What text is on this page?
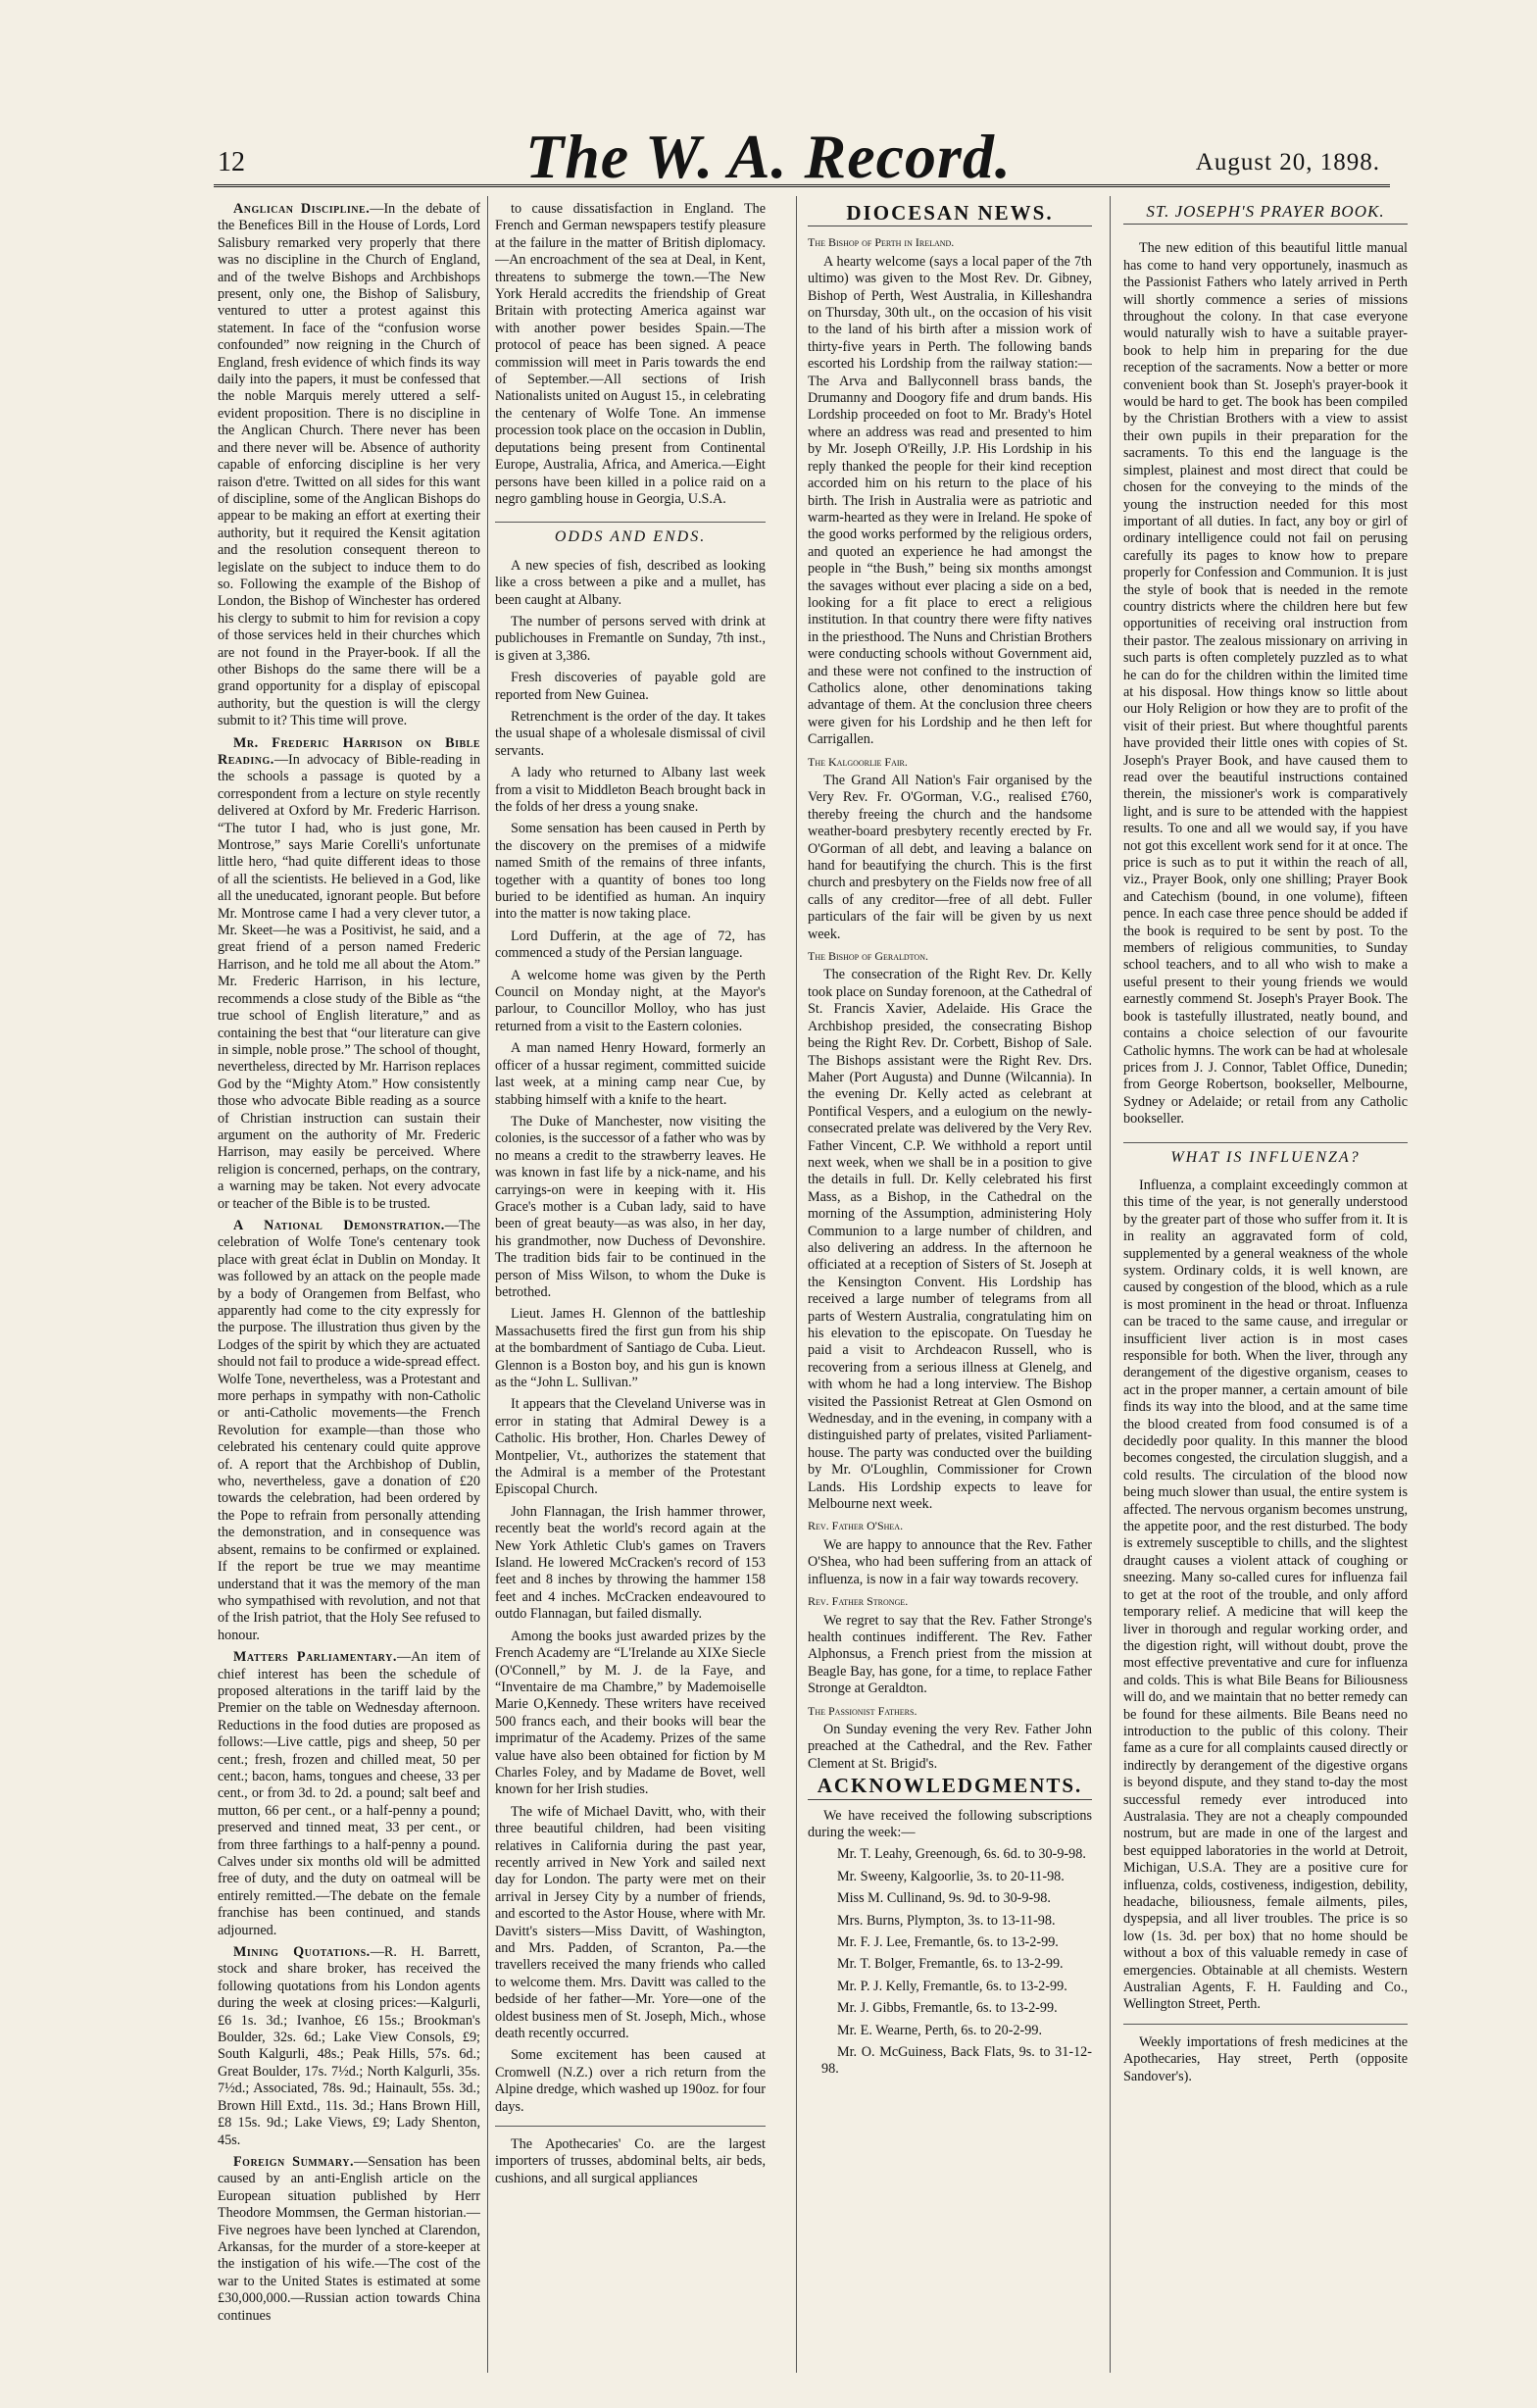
12	The W. A. Record.	August 20, 1898.

Anglican Discipline.—In the debate of the Benefices Bill in the House of Lords, Lord Salisbury remarked very properly that there was no discipline in the Church of England, and of the twelve Bishops and Archbishops present, only one, the Bishop of Salisbury, ventured to utter a protest against this statement. In face of the “confusion worse confounded” now reigning in the Church of England, fresh evidence of which finds its way daily into the papers, it must be confessed that the noble Marquis merely uttered a self-evident proposition. There is no discipline in the Anglican Church. There never has been and there never will be. Absence of authority capable of enforcing discipline is her very raison d'etre. Twitted on all sides for this want of discipline, some of the Anglican Bishops do appear to be making an effort at exerting their authority, but it required the Kensit agitation and the resolution consequent thereon to legislate on the subject to induce them to do so. Following the example of the Bishop of London, the Bishop of Winchester has ordered his clergy to submit to him for revision a copy of those services held in their churches which are not found in the Prayer-book. If all the other Bishops do the same there will be a grand opportunity for a display of episcopal authority, but the question is will the clergy submit to it? This time will prove.

Mr. Frederic Harrison on Bible Reading.—In advocacy of Bible-reading in the schools a passage is quoted by a correspondent from a lecture on style recently delivered at Oxford by Mr. Frederic Harrison. “The tutor I had, who is just gone, Mr. Montrose,” says Marie Corelli's unfortunate little hero, “had quite different ideas to those of all the scientists. He believed in a God, like all the uneducated, ignorant people. But before Mr. Montrose came I had a very clever tutor, a Mr. Skeet—he was a Positivist, he said, and a great friend of a person named Frederic Harrison, and he told me all about the Atom.” Mr. Frederic Harrison, in his lecture, recommends a close study of the Bible as “the true school of English literature,” and as containing the best that “our literature can give in simple, noble prose.” The school of thought, nevertheless, directed by Mr. Harrison replaces God by the “Mighty Atom.” How consistently those who advocate Bible reading as a source of Christian instruction can sustain their argument on the authority of Mr. Frederic Harrison, may easily be perceived. Where religion is concerned, perhaps, on the contrary, a warning may be taken. Not every advocate or teacher of the Bible is to be trusted.

A National Demonstration.—The celebration of Wolfe Tone's centenary took place with great éclat in Dublin on Monday. It was followed by an attack on the people made by a body of Orangemen from Belfast, who apparently had come to the city expressly for the purpose. The illustration thus given by the Lodges of the spirit by which they are actuated should not fail to produce a wide-spread effect. Wolfe Tone, nevertheless, was a Protestant and more perhaps in sympathy with non-Catholic or anti-Catholic movements—the French Revolution for example—than those who celebrated his centenary could quite approve of. A report that the Archbishop of Dublin, who, nevertheless, gave a donation of £20 towards the celebration, had been ordered by the Pope to refrain from personally attending the demonstration, and in consequence was absent, remains to be confirmed or explained. If the report be true we may meantime understand that it was the memory of the man who sympathised with revolution, and not that of the Irish patriot, that the Holy See refused to honour.

Matters Parliamentary.—An item of chief interest has been the schedule of proposed alterations in the tariff laid by the Premier on the table on Wednesday afternoon. Reductions in the food duties are proposed as follows:—Live cattle, pigs and sheep, 50 per cent.; fresh, frozen and chilled meat, 50 per cent.; bacon, hams, tongues and cheese, 33 per cent., or from 3d. to 2d. a pound; salt beef and mutton, 66 per cent., or a half-penny a pound; preserved and tinned meat, 33 per cent., or from three farthings to a half-penny a pound. Calves under six months old will be admitted free of duty, and the duty on oatmeal will be entirely remitted.—The debate on the female franchise has been continued, and stands adjourned.

Mining Quotations.—R. H. Barrett, stock and share broker, has received the following quotations from his London agents during the week at closing prices:—Kalgurli, £6 1s. 3d.; Ivanhoe, £6 15s.; Brookman's Boulder, 32s. 6d.; Lake View Consols, £9; South Kalgurli, 48s.; Peak Hills, 57s. 6d.; Great Boulder, 17s. 7½d.; North Kalgurli, 35s. 7½d.; Associated, 78s. 9d.; Hainault, 55s. 3d.; Brown Hill Extd., 11s. 3d.; Hans Brown Hill, £8 15s. 9d.; Lake Views, £9; Lady Shenton, 45s.

Foreign Summary.—Sensation has been caused by an anti-English article on the European situation published by Herr Theodore Mommsen, the German historian.—Five negroes have been lynched at Clarendon, Arkansas, for the murder of a store-keeper at the instigation of his wife.—The cost of the war to the United States is estimated at some £30,000,000.—Russian action towards China continues

to cause dissatisfaction in England. The French and German newspapers testify pleasure at the failure in the matter of British diplomacy.—An encroachment of the sea at Deal, in Kent, threatens to submerge the town.—The New York Herald accredits the friendship of Great Britain with protecting America against war with another power besides Spain.—The protocol of peace has been signed. A peace commission will meet in Paris towards the end of September.—All sections of Irish Nationalists united on August 15., in celebrating the centenary of Wolfe Tone. An immense procession took place on the occasion in Dublin, deputations being present from Continental Europe, Australia, Africa, and America.—Eight persons have been killed in a police raid on a negro gambling house in Georgia, U.S.A.

ODDS AND ENDS.

A new species of fish, described as looking like a cross between a pike and a mullet, has been caught at Albany.

The number of persons served with drink at publichouses in Fremantle on Sunday, 7th inst., is given at 3,386.

Fresh discoveries of payable gold are reported from New Guinea.

Retrenchment is the order of the day. It takes the usual shape of a wholesale dismissal of civil servants.

A lady who returned to Albany last week from a visit to Middleton Beach brought back in the folds of her dress a young snake.

Some sensation has been caused in Perth by the discovery on the premises of a midwife named Smith of the remains of three infants, together with a quantity of bones too long buried to be identified as human. An inquiry into the matter is now taking place.

Lord Dufferin, at the age of 72, has commenced a study of the Persian language.

A welcome home was given by the Perth Council on Monday night, at the Mayor's parlour, to Councillor Molloy, who has just returned from a visit to the Eastern colonies.

A man named Henry Howard, formerly an officer of a hussar regiment, committed suicide last week, at a mining camp near Cue, by stabbing himself with a knife to the heart.

The Duke of Manchester, now visiting the colonies, is the successor of a father who was by no means a credit to the strawberry leaves. He was known in fast life by a nick-name, and his carryings-on were in keeping with it. His Grace's mother is a Cuban lady, said to have been of great beauty—as was also, in her day, his grandmother, now Duchess of Devonshire. The tradition bids fair to be continued in the person of Miss Wilson, to whom the Duke is betrothed.

Lieut. James H. Glennon of the battleship Massachusetts fired the first gun from his ship at the bombardment of Santiago de Cuba. Lieut. Glennon is a Boston boy, and his gun is known as the “John L. Sullivan.”

It appears that the Cleveland Universe was in error in stating that Admiral Dewey is a Catholic. His brother, Hon. Charles Dewey of Montpelier, Vt., authorizes the statement that the Admiral is a member of the Protestant Episcopal Church.

John Flannagan, the Irish hammer thrower, recently beat the world's record again at the New York Athletic Club's games on Travers Island. He lowered McCracken's record of 153 feet and 8 inches by throwing the hammer 158 feet and 4 inches. McCracken endeavoured to outdo Flannagan, but failed dismally.

Among the books just awarded prizes by the French Academy are “L'Irelande au XIXe Siecle (O'Connell,” by M. J. de la Faye, and “Inventaire de ma Chambre,” by Mademoiselle Marie O,Kennedy. These writers have received 500 francs each, and their books will bear the imprimatur of the Academy. Prizes of the same value have also been obtained for fiction by M Charles Foley, and by Madame de Bovet, well known for her Irish studies.

The wife of Michael Davitt, who, with their three beautiful children, had been visiting relatives in California during the past year, recently arrived in New York and sailed next day for London. The party were met on their arrival in Jersey City by a number of friends, and escorted to the Astor House, where with Mr. Davitt's sisters—Miss Davitt, of Washington, and Mrs. Padden, of Scranton, Pa.—the travellers received the many friends who called to welcome them. Mrs. Davitt was called to the bedside of her father—Mr. Yore—one of the oldest business men of St. Joseph, Mich., whose death recently occurred.

Some excitement has been caused at Cromwell (N.Z.) over a rich return from the Alpine dredge, which washed up 190oz. for four days.

The Apothecaries' Co. are the largest importers of trusses, abdominal belts, air beds, cushions, and all surgical appliances

DIOCESAN NEWS.
The Bishop of Perth in Ireland.

A hearty welcome (says a local paper of the 7th ultimo) was given to the Most Rev. Dr. Gibney, Bishop of Perth, West Australia, in Killeshandra on Thursday, 30th ult., on the occasion of his visit to the land of his birth after a mission work of thirty-five years in Perth. The following bands escorted his Lordship from the railway station:—The Arva and Ballyconnell brass bands, the Drumanny and Doogory fife and drum bands. His Lordship proceeded on foot to Mr. Brady's Hotel where an address was read and presented to him by Mr. Joseph O'Reilly, J.P. His Lordship in his reply thanked the people for their kind reception accorded him on his return to the place of his birth. The Irish in Australia were as patriotic and warm-hearted as they were in Ireland. He spoke of the good works performed by the religious orders, and quoted an experience he had amongst the people in “the Bush,” being six months amongst the savages without ever placing a side on a bed, looking for a fit place to erect a religious institution. In that country there were fifty natives in the priesthood. The Nuns and Christian Brothers were conducting schools without Government aid, and these were not confined to the instruction of Catholics alone, other denominations taking advantage of them. At the conclusion three cheers were given for his Lordship and he then left for Carrigallen.

The Kalgoorlie Fair.

The Grand All Nation's Fair organised by the Very Rev. Fr. O'Gorman, V.G., realised £760, thereby freeing the church and the handsome weather-board presbytery recently erected by Fr. O'Gorman of all debt, and leaving a balance on hand for beautifying the church. This is the first church and presbytery on the Fields now free of all calls of any creditor—free of all debt. Fuller particulars of the fair will be given by us next week.

The Bishop of Geraldton.

The consecration of the Right Rev. Dr. Kelly took place on Sunday forenoon, at the Cathedral of St. Francis Xavier, Adelaide. His Grace the Archbishop presided, the consecrating Bishop being the Right Rev. Dr. Corbett, Bishop of Sale. The Bishops assistant were the Right Rev. Drs. Maher (Port Augusta) and Dunne (Wilcannia). In the evening Dr. Kelly acted as celebrant at Pontifical Vespers, and a eulogium on the newly-consecrated prelate was delivered by the Very Rev. Father Vincent, C.P. We withhold a report until next week, when we shall be in a position to give the details in full. Dr. Kelly celebrated his first Mass, as a Bishop, in the Cathedral on the morning of the Assumption, administering Holy Communion to a large number of children, and also delivering an address. In the afternoon he officiated at a reception of Sisters of St. Joseph at the Kensington Convent. His Lordship has received a large number of telegrams from all parts of Western Australia, congratulating him on his elevation to the episcopate. On Tuesday he paid a visit to Archdeacon Russell, who is recovering from a serious illness at Glenelg, and with whom he had a long interview. The Bishop visited the Passionist Retreat at Glen Osmond on Wednesday, and in the evening, in company with a distinguished party of prelates, visited Parliament-house. The party was conducted over the building by Mr. O'Loughlin, Commissioner for Crown Lands. His Lordship expects to leave for Melbourne next week.

Rev. Father O'Shea.

We are happy to announce that the Rev. Father O'Shea, who had been suffering from an attack of influenza, is now in a fair way towards recovery.

Rev. Father Stronge.

We regret to say that the Rev. Father Stronge's health continues indifferent. The Rev. Father Alphonsus, a French priest from the mission at Beagle Bay, has gone, for a time, to replace Father Stronge at Geraldton.

The Passionist Fathers.

On Sunday evening the very Rev. Father John preached at the Cathedral, and the Rev. Father Clement at St. Brigid's.

ACKNOWLEDGMENTS.

We have received the following subscriptions during the week:—

Mr. T. Leahy, Greenough, 6s. 6d. to 30-9-98.

Mr. Sweeny, Kalgoorlie, 3s. to 20-11-98.

Miss M. Cullinand, 9s. 9d. to 30-9-98.

Mrs. Burns, Plympton, 3s. to 13-11-98.

Mr. F. J. Lee, Fremantle, 6s. to 13-2-99.

Mr. T. Bolger, Fremantle, 6s. to 13-2-99.

Mr. P. J. Kelly, Fremantle, 6s. to 13-2-99.

Mr. J. Gibbs, Fremantle, 6s. to 13-2-99.

Mr. E. Wearne, Perth, 6s. to 20-2-99.

Mr. O. McGuiness, Back Flats, 9s. to 31-12-98.

ST. JOSEPH'S PRAYER BOOK.

The new edition of this beautiful little manual has come to hand very opportunely, inasmuch as the Passionist Fathers who lately arrived in Perth will shortly commence a series of missions throughout the colony. In that case everyone would naturally wish to have a suitable prayer-book to help him in preparing for the due reception of the sacraments. Now a better or more convenient book than St. Joseph's prayer-book it would be hard to get. The book has been compiled by the Christian Brothers with a view to assist their own pupils in their preparation for the sacraments. To this end the language is the simplest, plainest and most direct that could be chosen for the conveying to the minds of the young the instruction needed for this most important of all duties. In fact, any boy or girl of ordinary intelligence could not fail on perusing carefully its pages to know how to prepare properly for Confession and Communion. It is just the style of book that is needed in the remote country districts where the children here but few opportunities of receiving oral instruction from their pastor. The zealous missionary on arriving in such parts is often completely puzzled as to what he can do for the children within the limited time at his disposal. How things know so little about our Holy Religion or how they are to profit of the visit of their priest. But where thoughtful parents have provided their little ones with copies of St. Joseph's Prayer Book, and have caused them to read over the beautiful instructions contained therein, the missioner's work is comparatively light, and is sure to be attended with the happiest results. To one and all we would say, if you have not got this excellent work send for it at once. The price is such as to put it within the reach of all, viz., Prayer Book, only one shilling; Prayer Book and Catechism (bound, in one volume), fifteen pence. In each case three pence should be added if the book is required to be sent by post. To the members of religious communities, to Sunday school teachers, and to all who wish to make a useful present to their young friends we would earnestly commend St. Joseph's Prayer Book. The book is tastefully illustrated, neatly bound, and contains a choice selection of our favourite Catholic hymns. The work can be had at wholesale prices from J. J. Connor, Tablet Office, Dunedin; from George Robertson, bookseller, Melbourne, Sydney or Adelaide; or retail from any Catholic bookseller.

WHAT IS INFLUENZA?

Influenza, a complaint exceedingly common at this time of the year, is not generally understood by the greater part of those who suffer from it. It is in reality an aggravated form of cold, supplemented by a general weakness of the whole system. Ordinary colds, it is well known, are caused by congestion of the blood, which as a rule is most prominent in the head or throat. Influenza can be traced to the same cause, and irregular or insufficient liver action is in most cases responsible for both. When the liver, through any derangement of the digestive organism, ceases to act in the proper manner, a certain amount of bile finds its way into the blood, and at the same time the blood created from food consumed is of a decidedly poor quality. In this manner the blood becomes congested, the circulation sluggish, and a cold results. The circulation of the blood now being much slower than usual, the entire system is affected. The nervous organism becomes unstrung, the appetite poor, and the rest disturbed. The body is extremely susceptible to chills, and the slightest draught causes a violent attack of coughing or sneezing. Many so-called cures for influenza fail to get at the root of the trouble, and only afford temporary relief. A medicine that will keep the liver in thorough and regular working order, and the digestion right, will without doubt, prove the most effective preventative and cure for influenza and colds. This is what Bile Beans for Biliousness will do, and we maintain that no better remedy can be found for these ailments. Bile Beans need no introduction to the public of this colony. Their fame as a cure for all complaints caused directly or indirectly by derangement of the digestive organs is beyond dispute, and they stand to-day the most successful remedy ever introduced into Australasia. They are not a cheaply compounded nostrum, but are made in one of the largest and best equipped laboratories in the world at Detroit, Michigan, U.S.A. They are a positive cure for influenza, colds, costiveness, indigestion, debility, headache, biliousness, female ailments, piles, dyspepsia, and all liver troubles. The price is so low (1s. 3d. per box) that no home should be without a box of this valuable remedy in case of emergencies. Obtainable at all chemists. Western Australian Agents, F. H. Faulding and Co., Wellington Street, Perth.

Weekly importations of fresh medicines at the Apothecaries, Hay street, Perth (opposite Sandover's).
